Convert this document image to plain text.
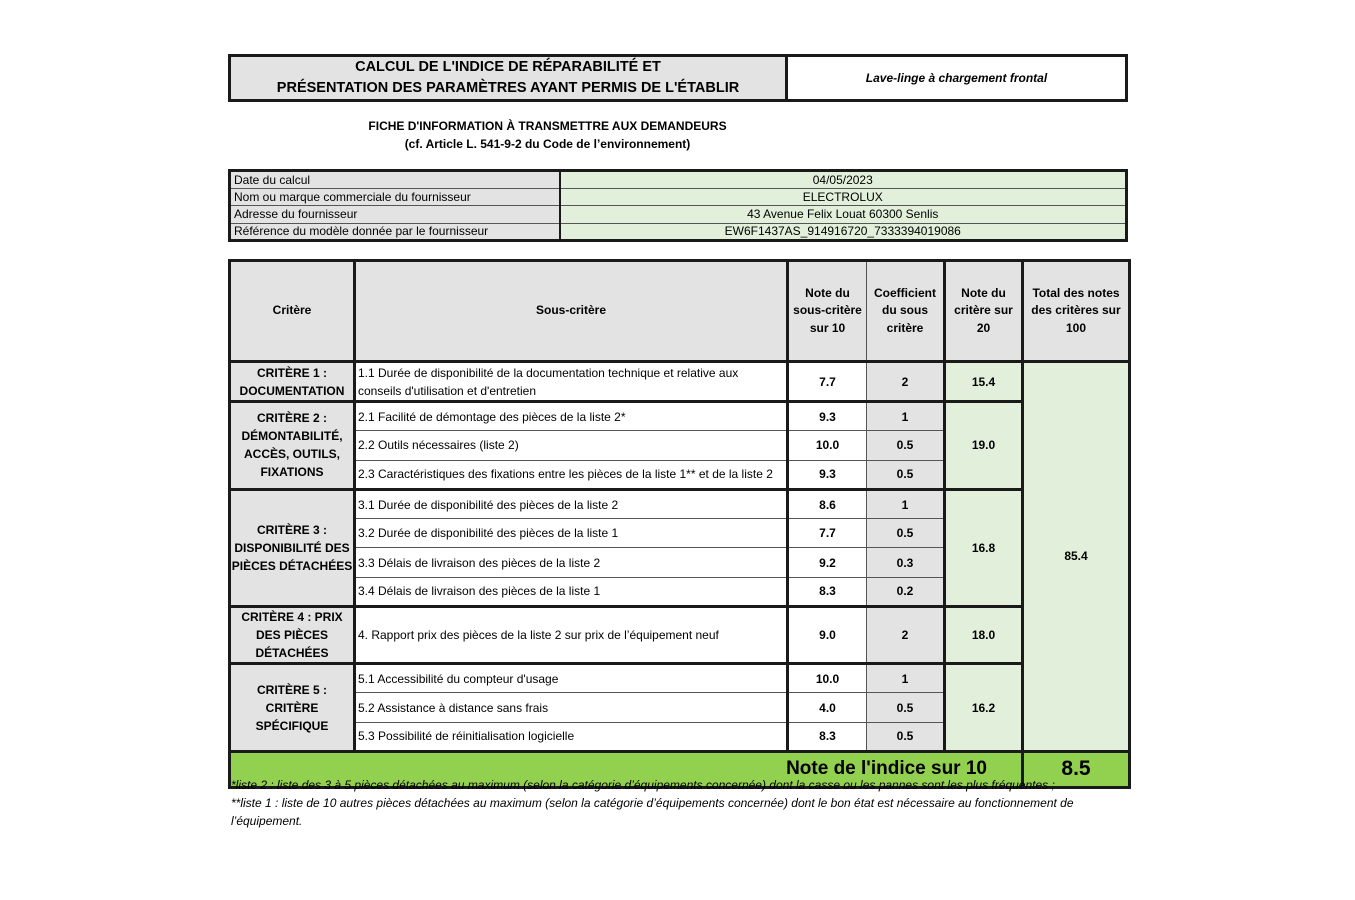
CALCUL DE L'INDICE DE RÉPARABILITÉ ET
PRÉSENTATION DES PARAMÈTRES AYANT PERMIS DE L'ÉTABLIR
Lave-linge à chargement frontal
FICHE D'INFORMATION À TRANSMETTRE AUX DEMANDEURS
(cf. Article L. 541-9-2 du Code de l’environnement)
Date du calcul	04/05/2023
Nom ou marque commerciale du fournisseur	ELECTROLUX
Adresse du fournisseur	43 Avenue Felix Louat 60300 Senlis
Référence du modèle donnée par le fournisseur	EW6F1437AS_914916720_7333394019086
Critère	Sous-critère	Note du sous-critère sur 10	Coefficient du sous critère	Note du critère sur 20	Total des notes des critères sur 100
CRITÈRE 1 : DOCUMENTATION	1.1 Durée de disponibilité de la documentation technique et relative aux conseils d'utilisation et d'entretien	7.7	2	15.4	85.4
CRITÈRE 2 : DÉMONTABILITÉ, ACCÈS, OUTILS, FIXATIONS	2.1 Facilité de démontage des pièces de la liste 2*	9.3	1	19.0	
	2.2 Outils nécessaires (liste 2)	10.0	0.5		
	2.3 Caractéristiques des fixations entre les pièces de la liste 1** et de la liste 2	9.3	0.5		
CRITÈRE 3 : DISPONIBILITÉ DES PIÈCES DÉTACHÉES	3.1 Durée de disponibilité des pièces de la liste 2	8.6	1	16.8	
	3.2 Durée de disponibilité des pièces de la liste 1	7.7	0.5		
	3.3 Délais de livraison des pièces de la liste 2	9.2	0.3		
	3.4 Délais de livraison des pièces de la liste 1	8.3	0.2		
CRITÈRE 4 : PRIX DES PIÈCES DÉTACHÉES	4. Rapport prix des pièces de la liste 2 sur prix de l’équipement neuf	9.0	2	18.0	
CRITÈRE 5 : CRITÈRE SPÉCIFIQUE	5.1 Accessibilité du compteur d'usage	10.0	1	16.2	
	5.2 Assistance à distance sans frais	4.0	0.5		
	5.3 Possibilité de réinitialisation logicielle	8.3	0.5		
Note de l'indice sur 10					8.5
*liste 2 : liste des 3 à 5 pièces détachées au maximum (selon la catégorie d’équipements concernée) dont la casse ou les pannes sont les plus fréquentes ;
**liste 1 : liste de 10 autres pièces détachées au maximum (selon la catégorie d’équipements concernée) dont le bon état est nécessaire au fonctionnement de l’équipement.
